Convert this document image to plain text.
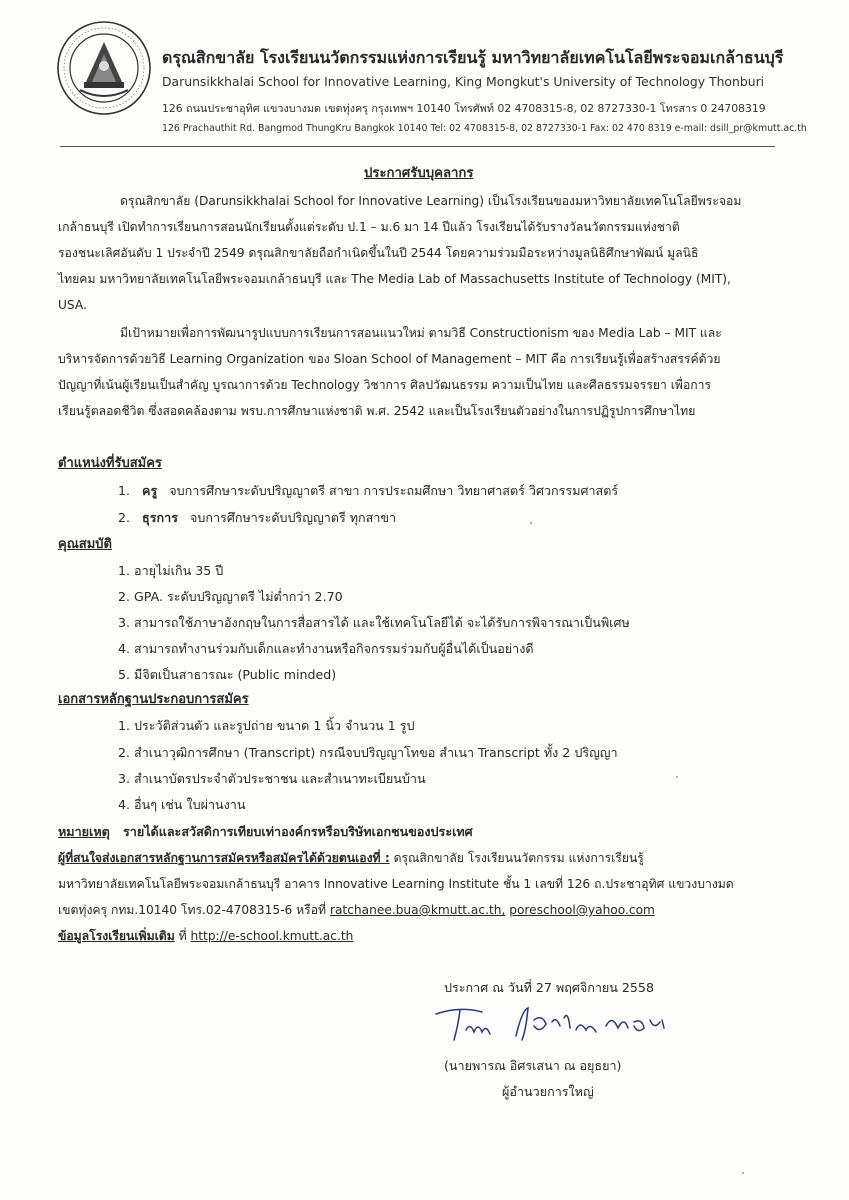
ดรุณสิกขาลัย โรงเรียนนวัตกรรมแห่งการเรียนรู้ มหาวิทยาลัยเทคโนโลยีพระจอมเกล้าธนบุรี
Darunsikkhalai School for Innovative Learning, King Mongkut's University of Technology Thonburi
126 ถนนประชาอุทิศ แขวงบางมด เขตทุ่งครุ กรุงเทพฯ 10140 โทรศัพท์ 02 4708315-8, 02 8727330-1 โทรสาร 0 24708319
126 Prachauthit Rd. Bangmod ThungKru Bangkok 10140 Tel: 02 4708315-8, 02 8727330-1 Fax: 02 470 8319 e-mail: dsill_pr@kmutt.ac.th
ประกาศรับบุคลากร
ดรุณสิกขาลัย (Darunsikkhalai School for Innovative Learning) เป็นโรงเรียนของมหาวิทยาลัยเทคโนโลยีพระจอม
เกล้าธนบุรี เปิดทำการเรียนการสอนนักเรียนตั้งแต่ระดับ ป.1 – ม.6 มา 14 ปีแล้ว โรงเรียนได้รับรางวัลนวัตกรรมแห่งชาติ
รองชนะเลิศอันดับ 1 ประจำปี 2549 ดรุณสิกขาลัยถือกำเนิดขึ้นในปี 2544 โดยความร่วมมือระหว่างมูลนิธิศึกษาพัฒน์ มูลนิธิ
ไทยคม มหาวิทยาลัยเทคโนโลยีพระจอมเกล้าธนบุรี และ The Media Lab of Massachusetts Institute of Technology (MIT),
USA.
มีเป้าหมายเพื่อการพัฒนารูปแบบการเรียนการสอนแนวใหม่ ตามวิธี Constructionism ของ Media Lab – MIT และ
บริหารจัดการด้วยวิธี Learning Organization ของ Sloan School of Management – MIT คือ การเรียนรู้เพื่อสร้างสรรค์ด้วย
ปัญญาที่เน้นผู้เรียนเป็นสำคัญ บูรณาการด้วย Technology วิชาการ ศิลปวัฒนธรรม ความเป็นไทย และศีลธรรมจรรยา เพื่อการ
เรียนรู้ตลอดชีวิต ซึ่งสอดคล้องตาม พรบ.การศึกษาแห่งชาติ พ.ศ. 2542 และเป็นโรงเรียนตัวอย่างในการปฏิรูปการศึกษาไทย
ตำแหน่งที่รับสมัคร
1. ครู จบการศึกษาระดับปริญญาตรี สาขา การประถมศึกษา วิทยาศาสตร์ วิศวกรรมศาสตร์
2. ธุรการ จบการศึกษาระดับปริญญาตรี ทุกสาขา
คุณสมบัติ
1. อายุไม่เกิน 35 ปี
2. GPA. ระดับปริญญาตรี ไม่ต่ำกว่า 2.70
3. สามารถใช้ภาษาอังกฤษในการสื่อสารได้ และใช้เทคโนโลยีได้ จะได้รับการพิจารณาเป็นพิเศษ
4. สามารถทำงานร่วมกับเด็กและทำงานหรือกิจกรรมร่วมกับผู้อื่นได้เป็นอย่างดี
5. มีจิตเป็นสาธารณะ (Public minded)
เอกสารหลักฐานประกอบการสมัคร
1. ประวัติส่วนตัว และรูปถ่าย ขนาด 1 นิ้ว จำนวน 1 รูป
2. สำเนาวุฒิการศึกษา (Transcript) กรณีจบปริญญาโทขอ สำเนา Transcript ทั้ง 2 ปริญญา
3. สำเนาบัตรประจำตัวประชาชน และสำเนาทะเบียนบ้าน
4. อื่นๆ เช่น ใบผ่านงาน
หมายเหตุ รายได้และสวัสดิการเทียบเท่าองค์กรหรือบริษัทเอกชนของประเทศ
ผู้ที่สนใจส่งเอกสารหลักฐานการสมัครหรือสมัครได้ด้วยตนเองที่ : ดรุณสิกขาลัย โรงเรียนนวัตกรรม แห่งการเรียนรู้
มหาวิทยาลัยเทคโนโลยีพระจอมเกล้าธนบุรี อาคาร Innovative Learning Institute ชั้น 1 เลขที่ 126 ถ.ประชาอุทิศ แขวงบางมด
เขตทุ่งครุ กทม.10140 โทร.02-4708315-6 หรือที่ ratchanee.bua@kmutt.ac.th, poreschool@yahoo.com
ข้อมูลโรงเรียนเพิ่มเติม ที่ http://e-school.kmutt.ac.th
ประกาศ ณ วันที่ 27 พฤศจิกายน 2558
(นายพารณ อิศรเสนา ณ อยุธยา)
ผู้อำนวยการใหญ่
